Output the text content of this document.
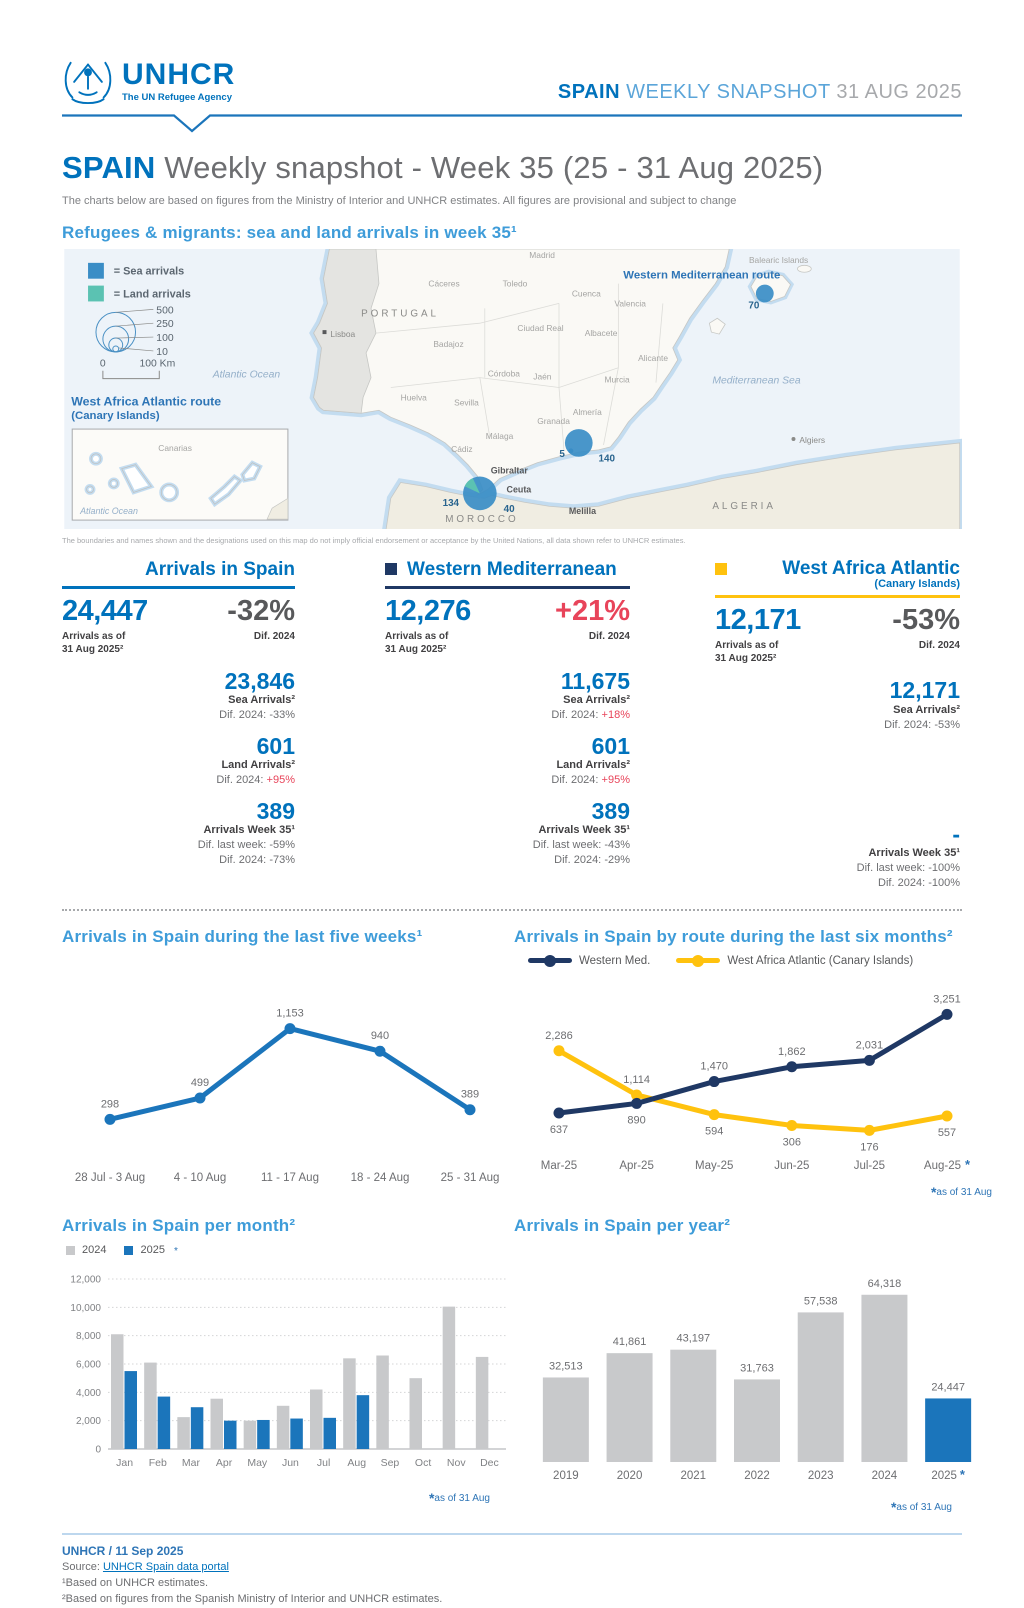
UNHCR
The UN Refugee Agency	SPAIN WEEKLY SNAPSHOT 31 AUG 2025
SPAIN Weekly snapshot - Week 35 (25 - 31 Aug 2025)
The charts below are based on figures from the Ministry of Interior and UNHCR estimates. All figures are provisional and subject to change
Refugees & migrants: sea and land arrivals in week 35¹
PORTUGAL
Lisboa
Atlantic Ocean
Mediterranean Sea
Western Mediterranean route
Balearic Islands
MOROCCO
ALGERIA
Algiers
Madrid
Toledo
Cuenca
Valencia
Cáceres
Badajoz
Ciudad Real Albacete
Alicante
Murcia
Córdoba Jaén
Sevilla
Huelva
Granada
Almería
Málaga
Cádiz
Gibraltar
Ceuta
Melilla
134
40
5	140
70
= Sea arrivals
= Land arrivals
500
250
100
10
0	100 Km
West Africa Atlantic route
(Canary Islands)
Canarias
Atlantic Ocean
The boundaries and names shown and the designations used on this map do not imply official endorsement or acceptance by the United Nations, all data shown refer to UNHCR estimates.
Arrivals in Spain
24,447
Arrivals as of
31 Aug 2025²
-32%
Dif. 2024
23,846
Sea Arrivals²
Dif. 2024: -33%
601
Land Arrivals²
Dif. 2024: +95%
389
Arrivals Week 35¹
Dif. last week: -59%
Dif. 2024: -73%
Western Mediterranean
12,276
Arrivals as of
31 Aug 2025²
+21%
Dif. 2024
11,675
Sea Arrivals²
Dif. 2024: +18%
601
Land Arrivals²
Dif. 2024: +95%
389
Arrivals Week 35¹
Dif. last week: -43%
Dif. 2024: -29%
West Africa Atlantic
(Canary Islands)
12,171
Arrivals as of
31 Aug 2025²
-53%
Dif. 2024
12,171
Sea Arrivals²
Dif. 2024: -53%
-
Arrivals Week 35¹
Dif. last week: -100%
Dif. 2024: -100%
Arrivals in Spain during the last five weeks¹
298
499
1,153
940
389
28 Jul - 3 Aug 4 - 10 Aug	11 - 17 Aug	18 - 24 Aug	25 - 31 Aug
Arrivals in Spain by route during the last six months²
Western Med.	West Africa Atlantic (Canary Islands)
2,286
1,114
594
306	176
557
637
890
1,470
1,862
2,031
3,251
Mar-25	Apr-25	May-25	Jun-25	Jul-25	Aug-25 *
*as of 31 Aug
Arrivals in Spain per month²
2024	2025 *
0
2,000
4,000
6,000
8,000
10,000
12,000
Jan Feb Mar Apr May Jun Jul Aug Sep Oct Nov Dec
*as of 31 Aug
Arrivals in Spain per year²
32,513
2019
41,861
2020
43,197
2021
31,763
2022
57,538
2023
64,318
2024
24,447
2025 *
*as of 31 Aug
UNHCR / 11 Sep 2025
Source: UNHCR Spain data portal
¹Based on UNHCR estimates.
²Based on figures from the Spanish Ministry of Interior and UNHCR estimates.
